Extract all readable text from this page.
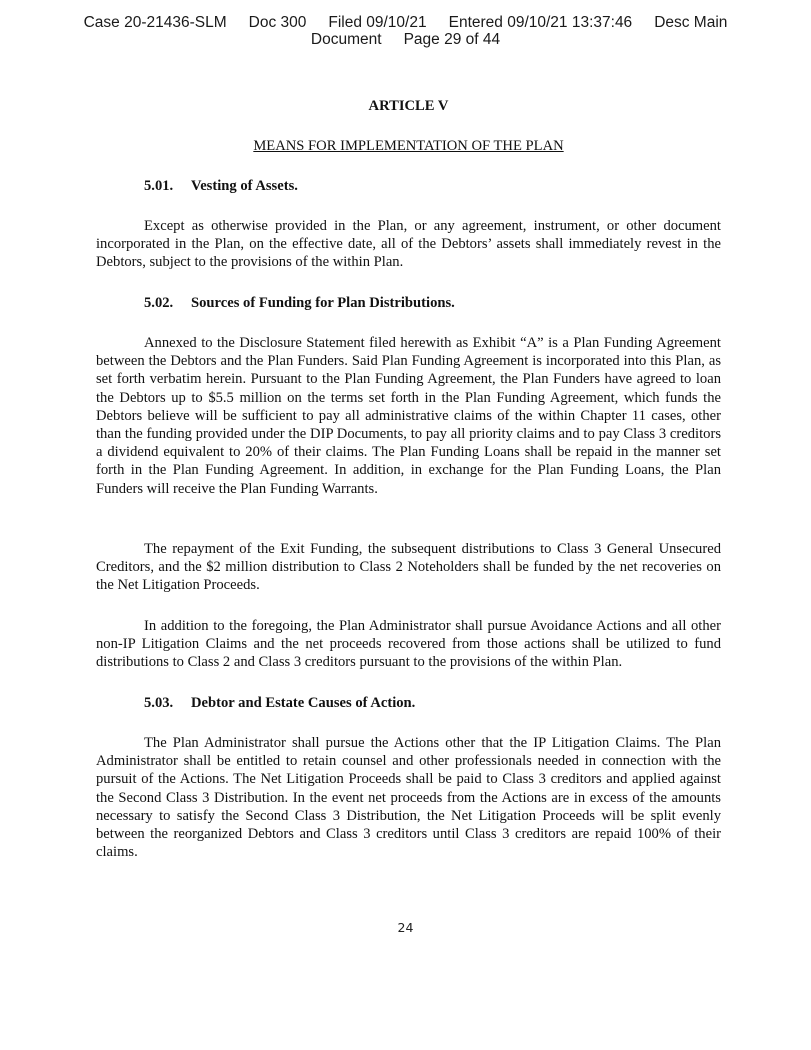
Case 20-21436-SLM Doc 300 Filed 09/10/21 Entered 09/10/21 13:37:46 Desc Main
Document Page 29 of 44
ARTICLE V
MEANS FOR IMPLEMENTATION OF THE PLAN
5.01. Vesting of Assets.

Except as otherwise provided in the Plan, or any agreement, instrument, or other document incorporated in the Plan, on the effective date, all of the Debtors’ assets shall immediately revest in the Debtors, subject to the provisions of the within Plan.

5.02. Sources of Funding for Plan Distributions.

Annexed to the Disclosure Statement filed herewith as Exhibit “A” is a Plan Funding Agreement between the Debtors and the Plan Funders. Said Plan Funding Agreement is incorporated into this Plan, as set forth verbatim herein. Pursuant to the Plan Funding Agreement, the Plan Funders have agreed to loan the Debtors up to $5.5 million on the terms set forth in the Plan Funding Agreement, which funds the Debtors believe will be sufficient to pay all administrative claims of the within Chapter 11 cases, other than the funding provided under the DIP Documents, to pay all priority claims and to pay Class 3 creditors a dividend equivalent to 20% of their claims. The Plan Funding Loans shall be repaid in the manner set forth in the Plan Funding Agreement. In addition, in exchange for the Plan Funding Loans, the Plan Funders will receive the Plan Funding Warrants.

The repayment of the Exit Funding, the subsequent distributions to Class 3 General Unsecured Creditors, and the $2 million distribution to Class 2 Noteholders shall be funded by the net recoveries on the Net Litigation Proceeds.

In addition to the foregoing, the Plan Administrator shall pursue Avoidance Actions and all other non-IP Litigation Claims and the net proceeds recovered from those actions shall be utilized to fund distributions to Class 2 and Class 3 creditors pursuant to the provisions of the within Plan.

5.03. Debtor and Estate Causes of Action.

The Plan Administrator shall pursue the Actions other that the IP Litigation Claims. The Plan Administrator shall be entitled to retain counsel and other professionals needed in connection with the pursuit of the Actions. The Net Litigation Proceeds shall be paid to Class 3 creditors and applied against the Second Class 3 Distribution. In the event net proceeds from the Actions are in excess of the amounts necessary to satisfy the Second Class 3 Distribution, the Net Litigation Proceeds will be split evenly between the reorganized Debtors and Class 3 creditors until Class 3 creditors are repaid 100% of their claims.

24
